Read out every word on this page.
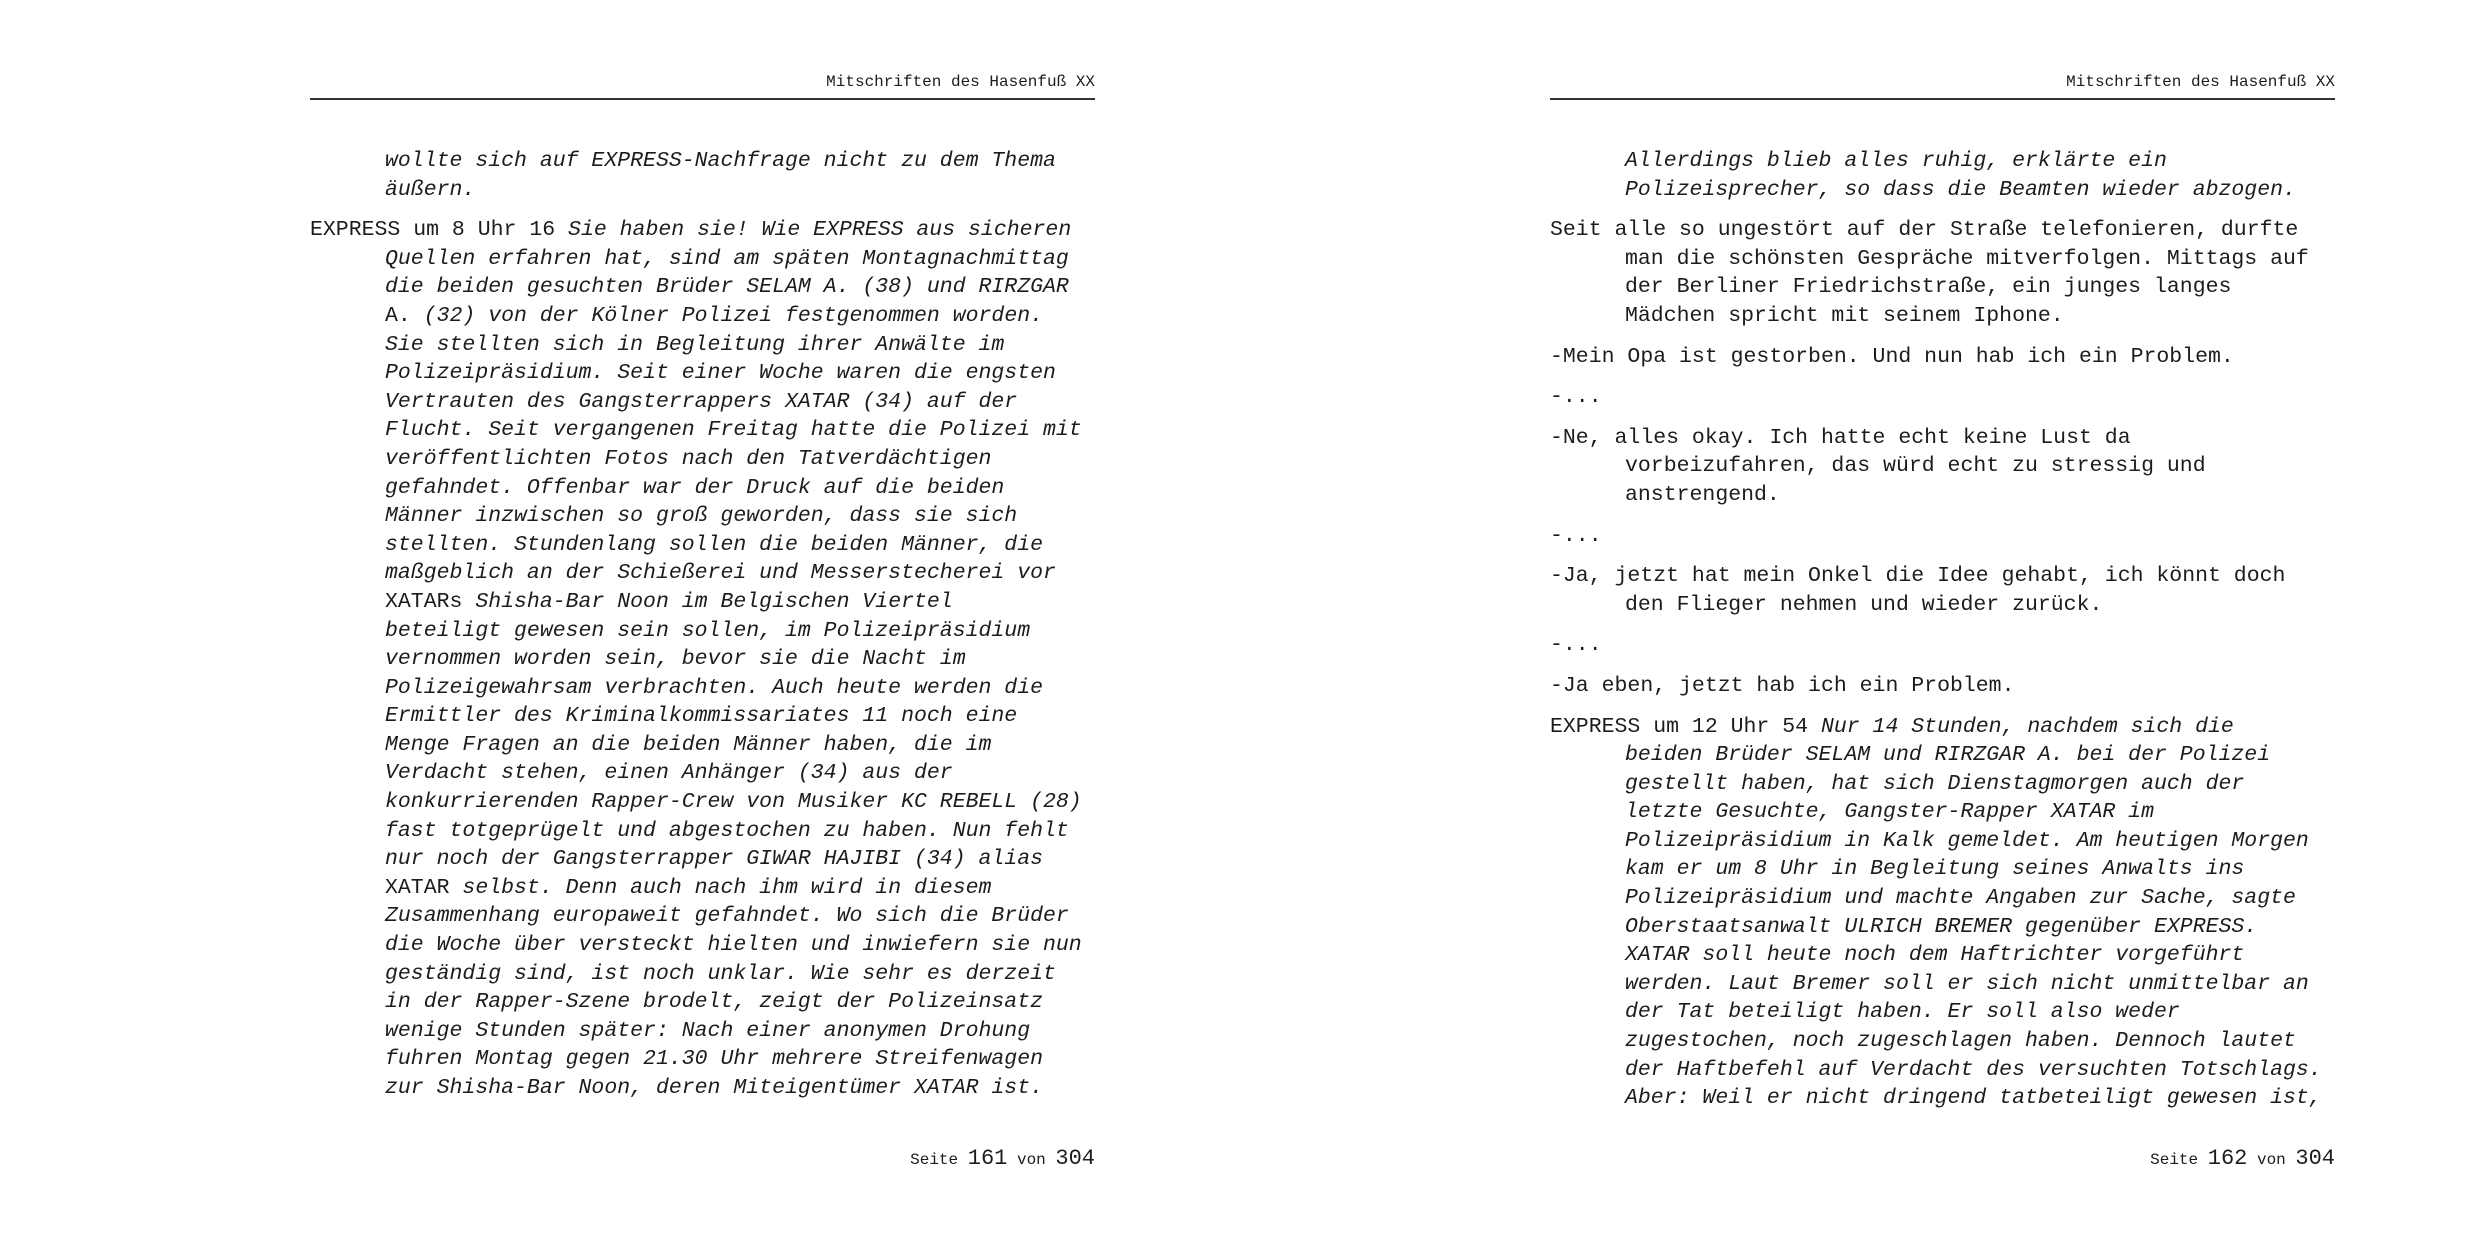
Mitschriften des Hasenfuß XX
wollte sich auf EXPRESS-Nachfrage nicht zu dem Thema
äußern.
EXPRESS um 8 Uhr 16 Sie haben sie! Wie EXPRESS aus sicheren
Quellen erfahren hat, sind am späten Montagnachmittag
die beiden gesuchten Brüder SELAM A. (38) und RIRZGAR
A. (32) von der Kölner Polizei festgenommen worden.
Sie stellten sich in Begleitung ihrer Anwälte im
Polizeipräsidium. Seit einer Woche waren die engsten
Vertrauten des Gangsterrappers XATAR (34) auf der
Flucht. Seit vergangenen Freitag hatte die Polizei mit
veröffentlichten Fotos nach den Tatverdächtigen
gefahndet. Offenbar war der Druck auf die beiden
Männer inzwischen so groß geworden, dass sie sich
stellten. Stundenlang sollen die beiden Männer, die
maßgeblich an der Schießerei und Messerstecherei vor
XATARs Shisha-Bar Noon im Belgischen Viertel
beteiligt gewesen sein sollen, im Polizeipräsidium
vernommen worden sein, bevor sie die Nacht im
Polizeigewahrsam verbrachten. Auch heute werden die
Ermittler des Kriminalkommissariates 11 noch eine
Menge Fragen an die beiden Männer haben, die im
Verdacht stehen, einen Anhänger (34) aus der
konkurrierenden Rapper-Crew von Musiker KC REBELL (28)
fast totgeprügelt und abgestochen zu haben. Nun fehlt
nur noch der Gangsterrapper GIWAR HAJIBI (34) alias
XATAR selbst. Denn auch nach ihm wird in diesem
Zusammenhang europaweit gefahndet. Wo sich die Brüder
die Woche über versteckt hielten und inwiefern sie nun
geständig sind, ist noch unklar. Wie sehr es derzeit
in der Rapper-Szene brodelt, zeigt der Polizeinsatz
wenige Stunden später: Nach einer anonymen Drohung
fuhren Montag gegen 21.30 Uhr mehrere Streifenwagen
zur Shisha-Bar Noon, deren Miteigentümer XATAR ist.
Seite 161 von 304
Mitschriften des Hasenfuß XX
Allerdings blieb alles ruhig, erklärte ein
Polizeisprecher, so dass die Beamten wieder abzogen.
Seit alle so ungestört auf der Straße telefonieren, durfte
man die schönsten Gespräche mitverfolgen. Mittags auf
der Berliner Friedrichstraße, ein junges langes
Mädchen spricht mit seinem Iphone.
-Mein Opa ist gestorben. Und nun hab ich ein Problem.
-...
-Ne, alles okay. Ich hatte echt keine Lust da
vorbeizufahren, das würd echt zu stressig und
anstrengend.
-...
-Ja, jetzt hat mein Onkel die Idee gehabt, ich könnt doch
den Flieger nehmen und wieder zurück.
-...
-Ja eben, jetzt hab ich ein Problem.
EXPRESS um 12 Uhr 54 Nur 14 Stunden, nachdem sich die
beiden Brüder SELAM und RIRZGAR A. bei der Polizei
gestellt haben, hat sich Dienstagmorgen auch der
letzte Gesuchte, Gangster-Rapper XATAR im
Polizeipräsidium in Kalk gemeldet. Am heutigen Morgen
kam er um 8 Uhr in Begleitung seines Anwalts ins
Polizeipräsidium und machte Angaben zur Sache, sagte
Oberstaatsanwalt ULRICH BREMER gegenüber EXPRESS.
XATAR soll heute noch dem Haftrichter vorgeführt
werden. Laut Bremer soll er sich nicht unmittelbar an
der Tat beteiligt haben. Er soll also weder
zugestochen, noch zugeschlagen haben. Dennoch lautet
der Haftbefehl auf Verdacht des versuchten Totschlags.
Aber: Weil er nicht dringend tatbeteiligt gewesen ist,
Seite 162 von 304
